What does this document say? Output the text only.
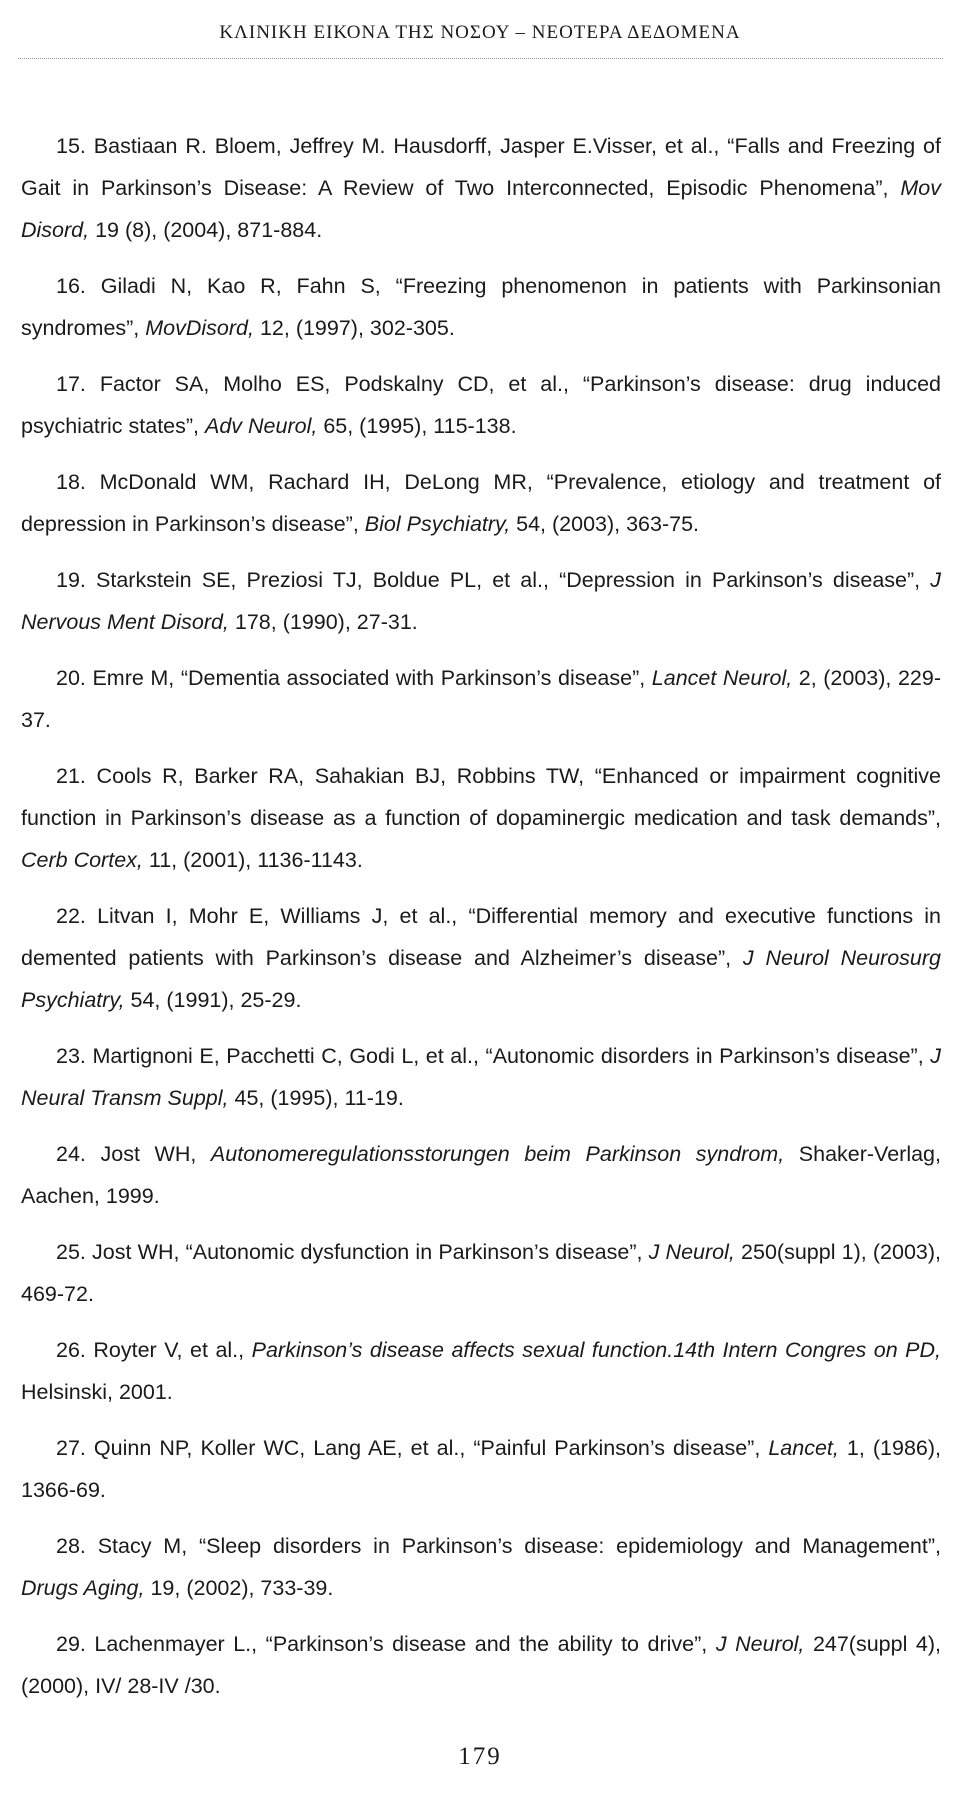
ΚΛΙΝΙΚΗ ΕΙΚΟΝΑ ΤΗΣ ΝΟΣΟΥ – ΝΕΟΤΕΡΑ ΔΕΔΟΜΕΝΑ
15. Bastiaan R. Bloem, Jeffrey M. Hausdorff, Jasper E.Visser, et al., “Falls and Freezing of Gait in Parkinson’s Disease: A Review of Two Interconnected, Episodic Phenomena”, Mov Disord, 19 (8), (2004), 871-884.
16. Giladi N, Kao R, Fahn S, “Freezing phenomenon in patients with Parkinsonian syndromes”, MovDisord, 12, (1997), 302-305.
17. Factor SA, Molho ES, Podskalny CD, et al., “Parkinson’s disease: drug induced psychiatric states”, Adv Neurol, 65, (1995), 115-138.
18. McDonald WM, Rachard IH, DeLong MR, “Prevalence, etiology and treatment of depression in Parkinson’s disease”, Biol Psychiatry, 54, (2003), 363-75.
19. Starkstein SE, Preziosi TJ, Boldue PL, et al., “Depression in Parkinson’s disease”, J Nervous Ment Disord, 178, (1990), 27-31.
20. Emre M, “Dementia associated with Parkinson’s disease”, Lancet Neurol, 2, (2003), 229-37.
21. Cools R, Barker RA, Sahakian BJ, Robbins TW, “Enhanced or impairment cognitive function in Parkinson’s disease as a function of dopaminergic medication and task demands”, Cerb Cortex, 11, (2001), 1136-1143.
22. Litvan I, Mohr E, Williams J, et al., “Differential memory and executive functions in demented patients with Parkinson’s disease and Alzheimer’s disease”, J Neurol Neurosurg Psychiatry, 54, (1991), 25-29.
23. Martignoni E, Pacchetti C, Godi L, et al., “Autonomic disorders in Parkinson’s disease”, J Neural Transm Suppl, 45, (1995), 11-19.
24. Jost WH, Autonomeregulationsstorungen beim Parkinson syndrom, Shaker-Verlag, Aachen, 1999.
25. Jost WH, “Autonomic dysfunction in Parkinson’s disease”, J Neurol, 250(suppl 1), (2003), 469-72.
26. Royter V, et al., Parkinson’s disease affects sexual function.14th Intern Congres on PD, Helsinski, 2001.
27. Quinn NP, Koller WC, Lang AE, et al., “Painful Parkinson’s disease”, Lancet, 1, (1986), 1366-69.
28. Stacy M, “Sleep disorders in Parkinson’s disease: epidemiology and Management”, Drugs Aging, 19, (2002), 733-39.
29. Lachenmayer L., “Parkinson’s disease and the ability to drive”, J Neurol, 247(suppl 4), (2000), IV/ 28-IV /30.
179
